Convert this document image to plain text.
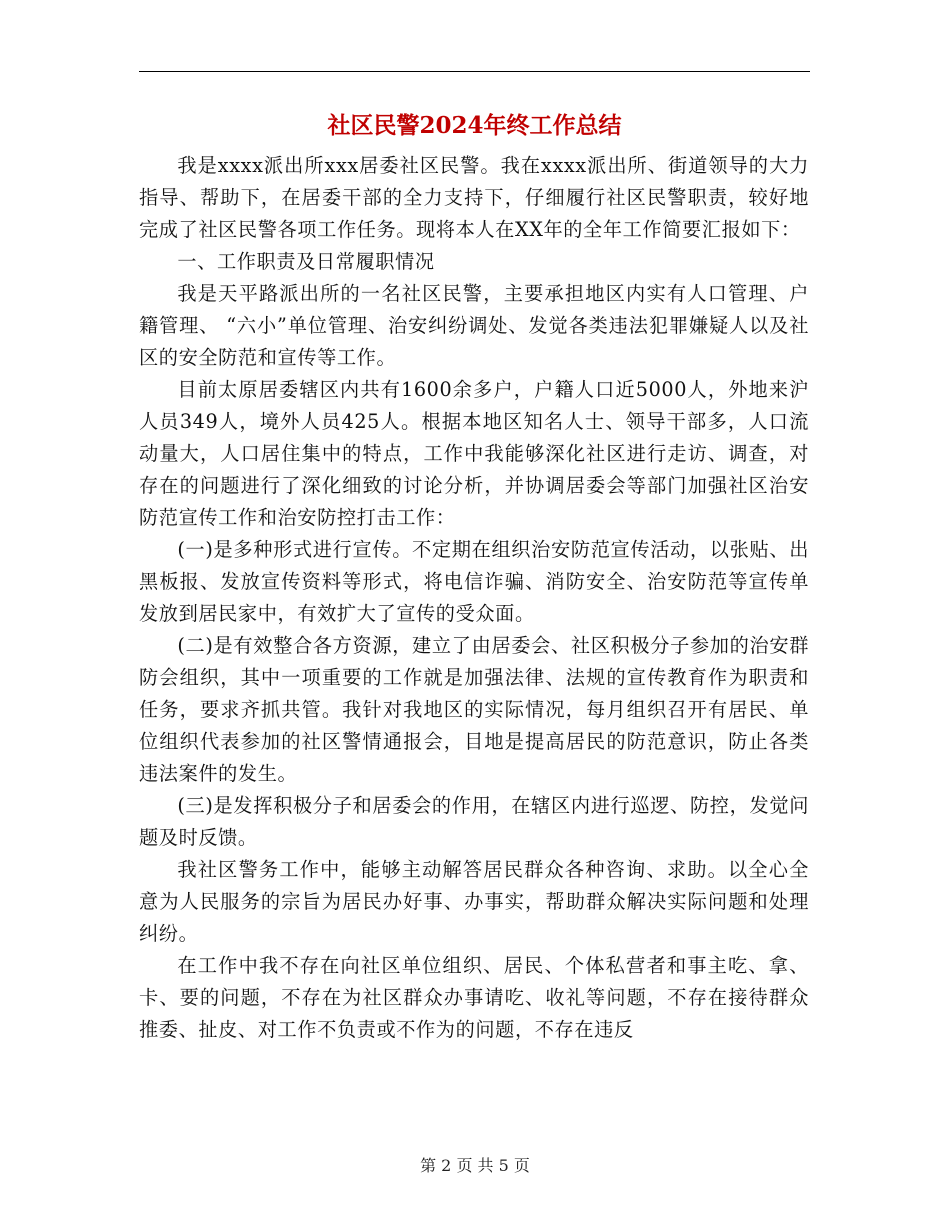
社区民警2024年终工作总结

我是xxxx派出所xxx居委社区民警。我在xxxx派出所、街道领导的大力指导、帮助下，在居委干部的全力支持下，仔细履行社区民警职责，较好地完成了社区民警各项工作任务。现将本人在XX年的全年工作简要汇报如下：

一、工作职责及日常履职情况

我是天平路派出所的一名社区民警，主要承担地区内实有人口管理、户籍管理、 “六小”单位管理、治安纠纷调处、发觉各类违法犯罪嫌疑人以及社区的安全防范和宣传等工作。

目前太原居委辖区内共有1600余多户，户籍人口近5000人，外地来沪人员349人，境外人员425人。根据本地区知名人士、领导干部多，人口流动量大，人口居住集中的特点，工作中我能够深化社区进行走访、调查，对存在的问题进行了深化细致的讨论分析，并协调居委会等部门加强社区治安防范宣传工作和治安防控打击工作：

(一)是多种形式进行宣传。不定期在组织治安防范宣传活动，以张贴、出黑板报、发放宣传资料等形式，将电信诈骗、消防安全、治安防范等宣传单发放到居民家中，有效扩大了宣传的受众面。

(二)是有效整合各方资源，建立了由居委会、社区积极分子参加的治安群防会组织，其中一项重要的工作就是加强法律、法规的宣传教育作为职责和任务，要求齐抓共管。我针对我地区的实际情况，每月组织召开有居民、单位组织代表参加的社区警情通报会，目地是提高居民的防范意识，防止各类违法案件的发生。

(三)是发挥积极分子和居委会的作用，在辖区内进行巡逻、防控，发觉问题及时反馈。

我社区警务工作中，能够主动解答居民群众各种咨询、求助。以全心全意为人民服务的宗旨为居民办好事、办事实，帮助群众解决实际问题和处理纠纷。

在工作中我不存在向社区单位组织、居民、个体私营者和事主吃、拿、卡、要的问题，不存在为社区群众办事请吃、收礼等问题，不存在接待群众推委、扯皮、对工作不负责或不作为的问题，不存在违反

第 2 页 共 5 页
